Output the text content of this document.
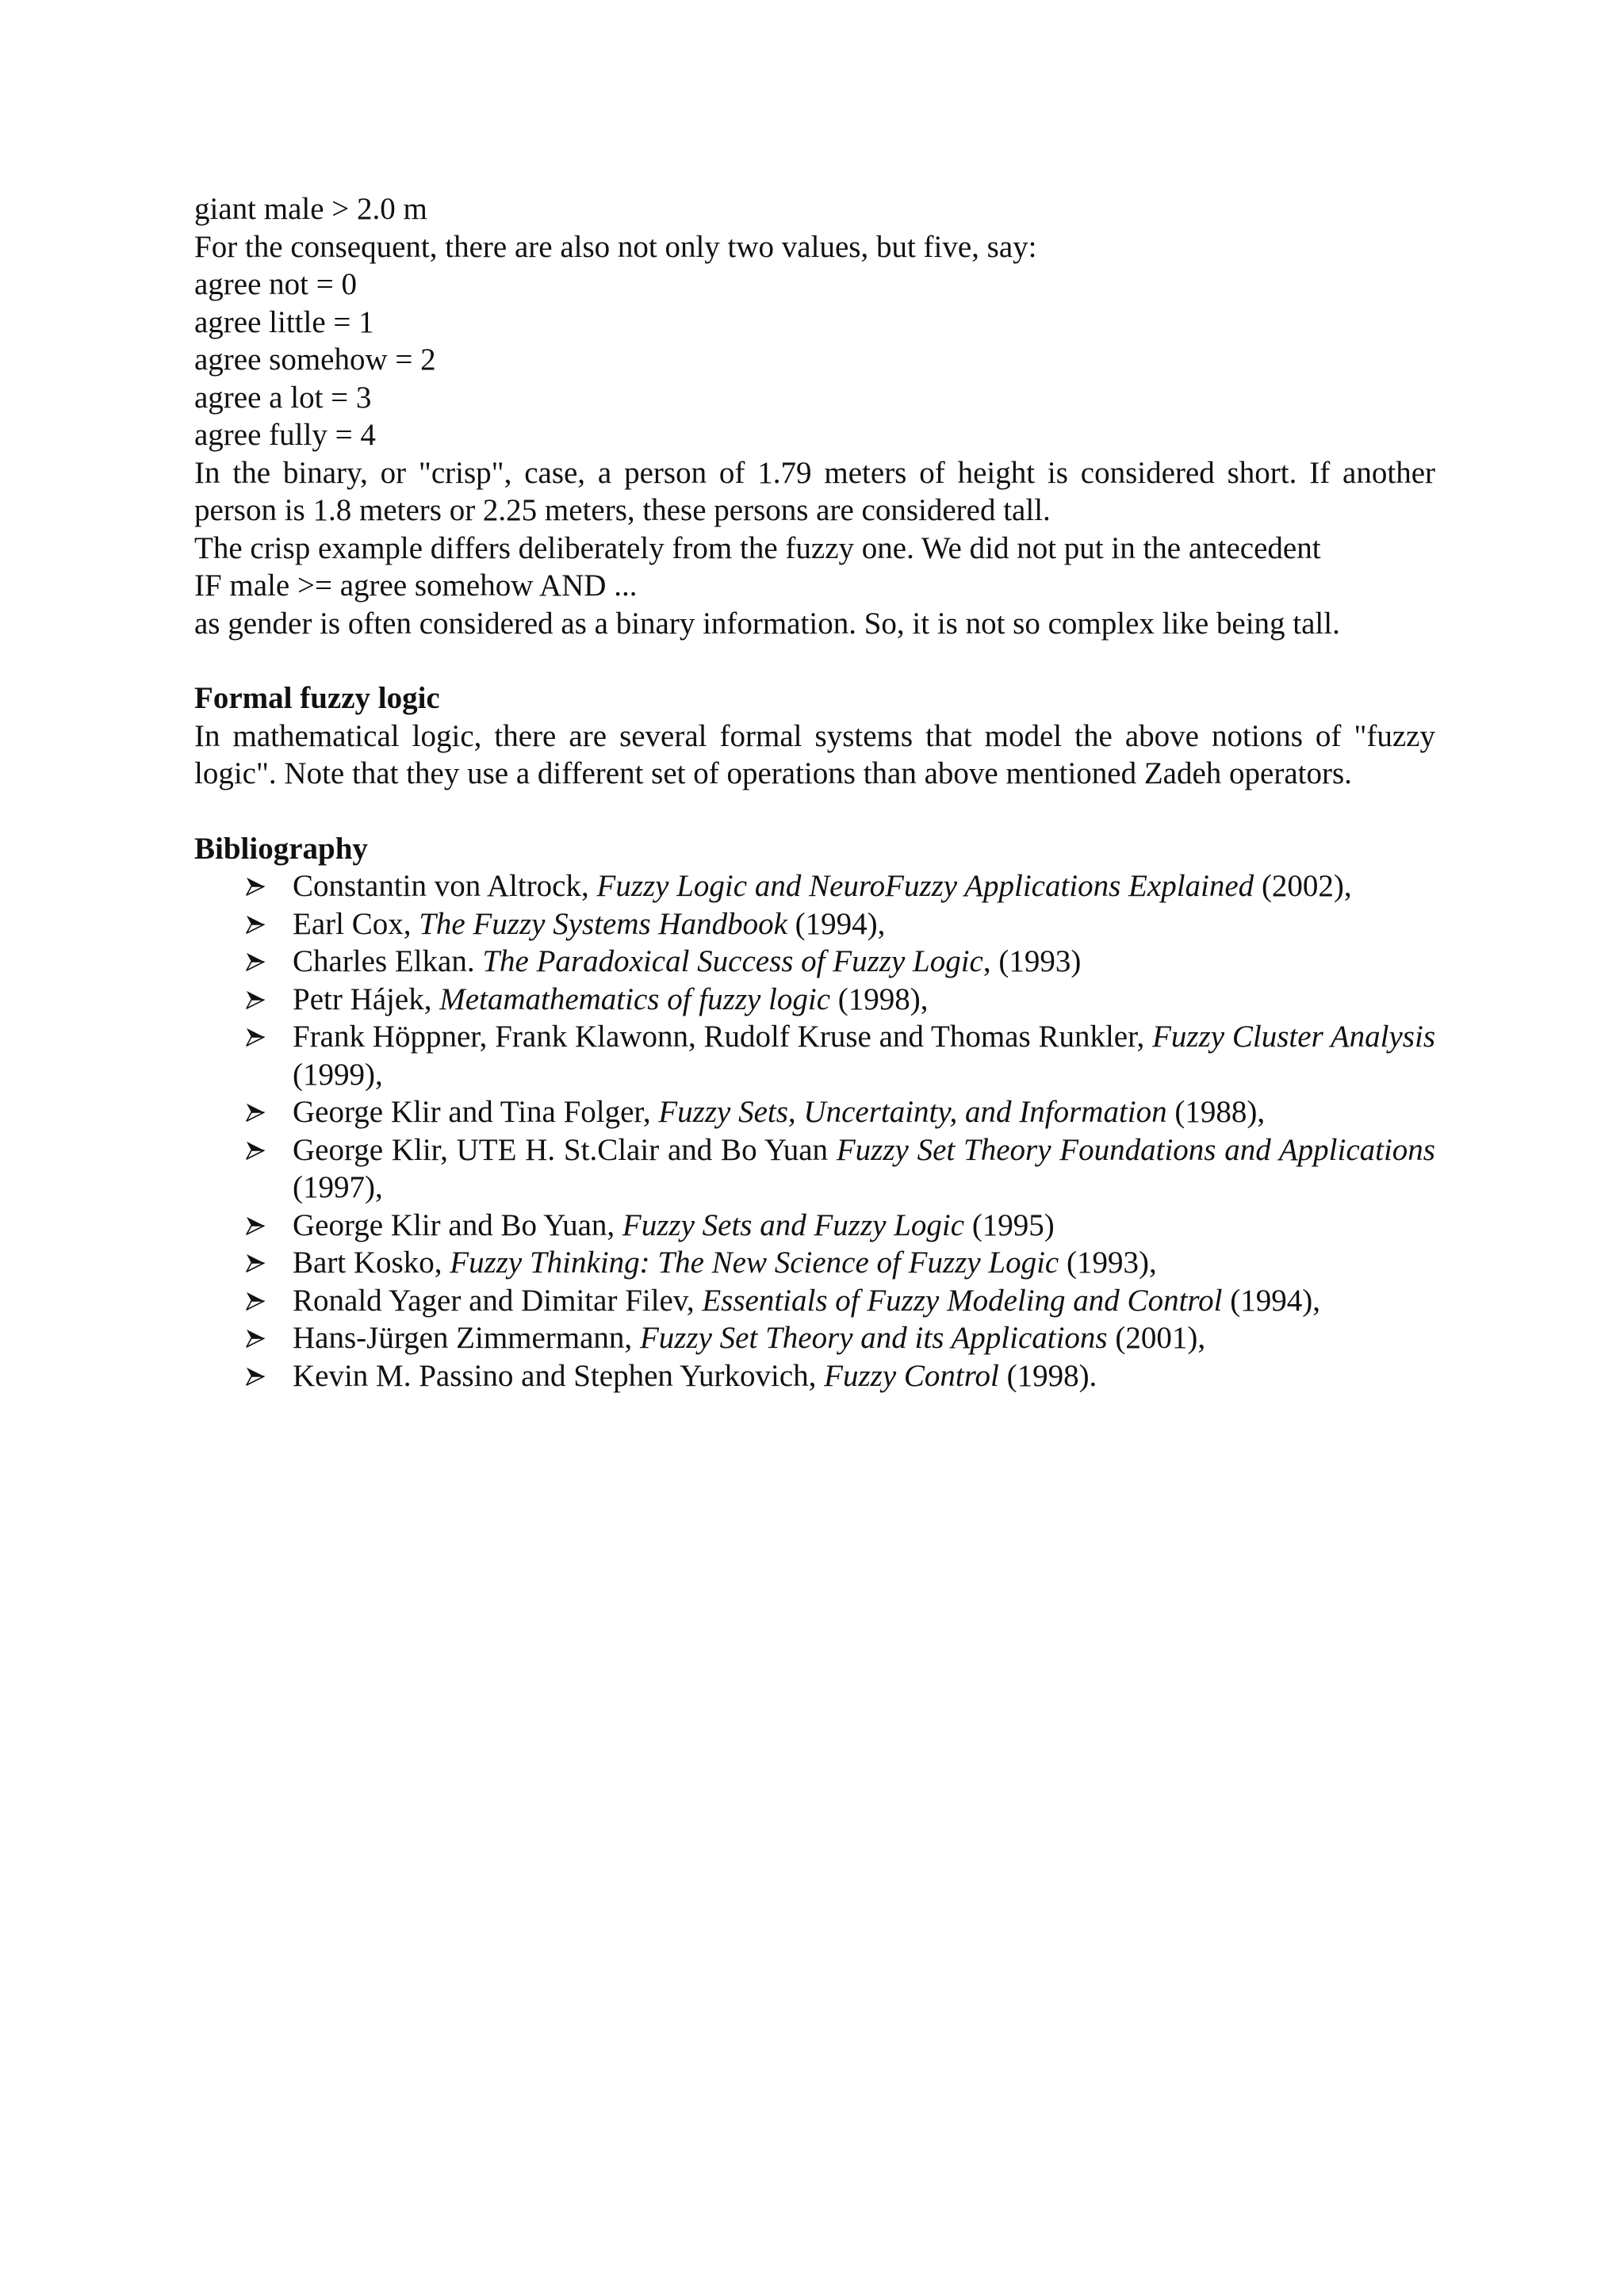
giant male > 2.0 m
For the consequent, there are also not only two values, but five, say:
agree not = 0
agree little = 1
agree somehow = 2
agree a lot = 3
agree fully = 4
In the binary, or "crisp", case, a person of 1.79 meters of height is considered short. If another person is 1.8 meters or 2.25 meters, these persons are considered tall.
The crisp example differs deliberately from the fuzzy one. We did not put in the antecedent
IF male >= agree somehow AND ...
as gender is often considered as a binary information. So, it is not so complex like being tall.
Formal fuzzy logic
In mathematical logic, there are several formal systems that model the above notions of "fuzzy logic". Note that they use a different set of operations than above mentioned Zadeh operators.
Bibliography
Constantin von Altrock, Fuzzy Logic and NeuroFuzzy Applications Explained (2002),
Earl Cox, The Fuzzy Systems Handbook (1994),
Charles Elkan. The Paradoxical Success of Fuzzy Logic, (1993)
Petr Hájek, Metamathematics of fuzzy logic (1998),
Frank Höppner, Frank Klawonn, Rudolf Kruse and Thomas Runkler, Fuzzy Cluster Analysis (1999),
George Klir and Tina Folger, Fuzzy Sets, Uncertainty, and Information (1988),
George Klir, UTE H. St.Clair and Bo Yuan Fuzzy Set Theory Foundations and Applications (1997),
George Klir and Bo Yuan, Fuzzy Sets and Fuzzy Logic (1995)
Bart Kosko, Fuzzy Thinking: The New Science of Fuzzy Logic (1993),
Ronald Yager and Dimitar Filev, Essentials of Fuzzy Modeling and Control (1994),
Hans-Jürgen Zimmermann, Fuzzy Set Theory and its Applications (2001),
Kevin M. Passino and Stephen Yurkovich, Fuzzy Control (1998).
